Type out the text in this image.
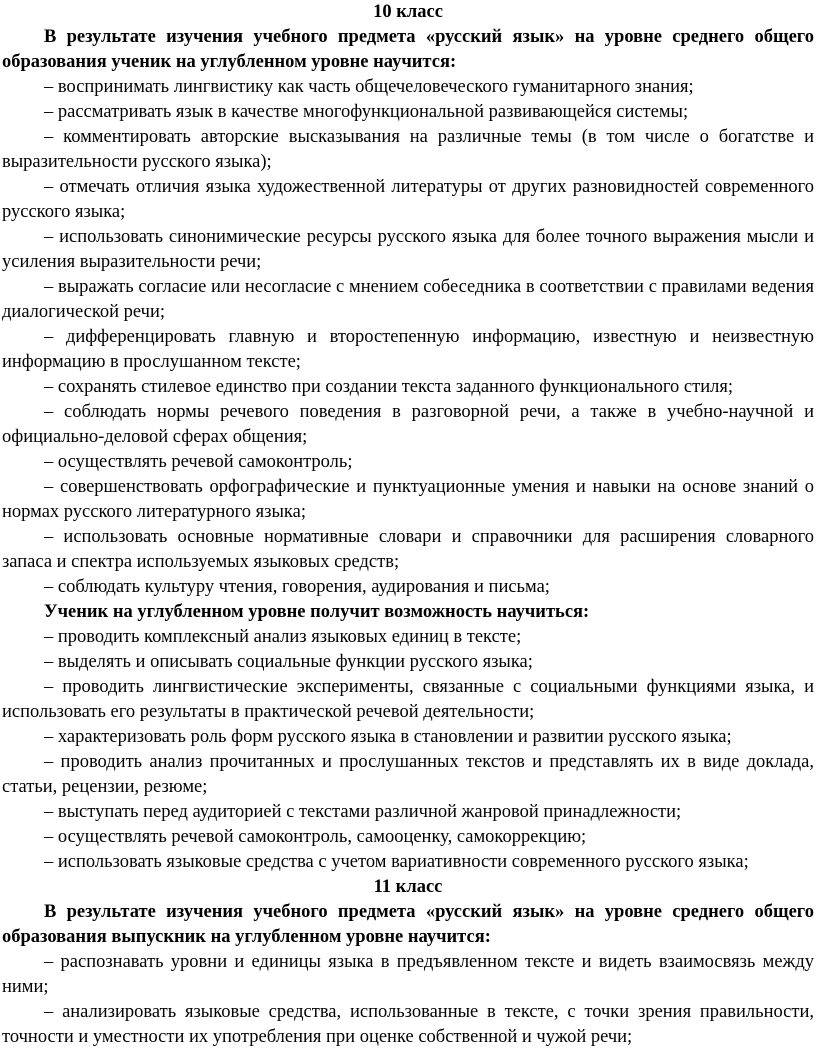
10 класс

В результате изучения учебного предмета «русский язык» на уровне среднего общего образования ученик на углубленном уровне научится:

– воспринимать лингвистику как часть общечеловеческого гуманитарного знания;

– рассматривать язык в качестве многофункциональной развивающейся системы;

– комментировать авторские высказывания на различные темы (в том числе о богатстве и выразительности русского языка);

– отмечать отличия языка художественной литературы от других разновидностей современного русского языка;

– использовать синонимические ресурсы русского языка для более точного выражения мысли и усиления выразительности речи;

– выражать согласие или несогласие с мнением собеседника в соответствии с правилами ведения диалогической речи;

– дифференцировать главную и второстепенную информацию, известную и неизвестную информацию в прослушанном тексте;

– сохранять стилевое единство при создании текста заданного функционального стиля;

– соблюдать нормы речевого поведения в разговорной речи, а также в учебно-научной и официально-деловой сферах общения;

– осуществлять речевой самоконтроль;

– совершенствовать орфографические и пунктуационные умения и навыки на основе знаний о нормах русского литературного языка;

– использовать основные нормативные словари и справочники для расширения словарного запаса и спектра используемых языковых средств;

– соблюдать культуру чтения, говорения, аудирования и письма;

Ученик на углубленном уровне получит возможность научиться:

– проводить комплексный анализ языковых единиц в тексте;

– выделять и описывать социальные функции русского языка;

– проводить лингвистические эксперименты, связанные с социальными функциями языка, и использовать его результаты в практической речевой деятельности;

– характеризовать роль форм русского языка в становлении и развитии русского языка;

– проводить анализ прочитанных и прослушанных текстов и представлять их в виде доклада, статьи, рецензии, резюме;

– выступать перед аудиторией с текстами различной жанровой принадлежности;

– осуществлять речевой самоконтроль, самооценку, самокоррекцию;

– использовать языковые средства с учетом вариативности современного русского языка;

11 класс

В результате изучения учебного предмета «русский язык» на уровне среднего общего образования выпускник на углубленном уровне научится:

– распознавать уровни и единицы языка в предъявленном тексте и видеть взаимосвязь между ними;

– анализировать языковые средства, использованные в тексте, с точки зрения правильности, точности и уместности их употребления при оценке собственной и чужой речи;
